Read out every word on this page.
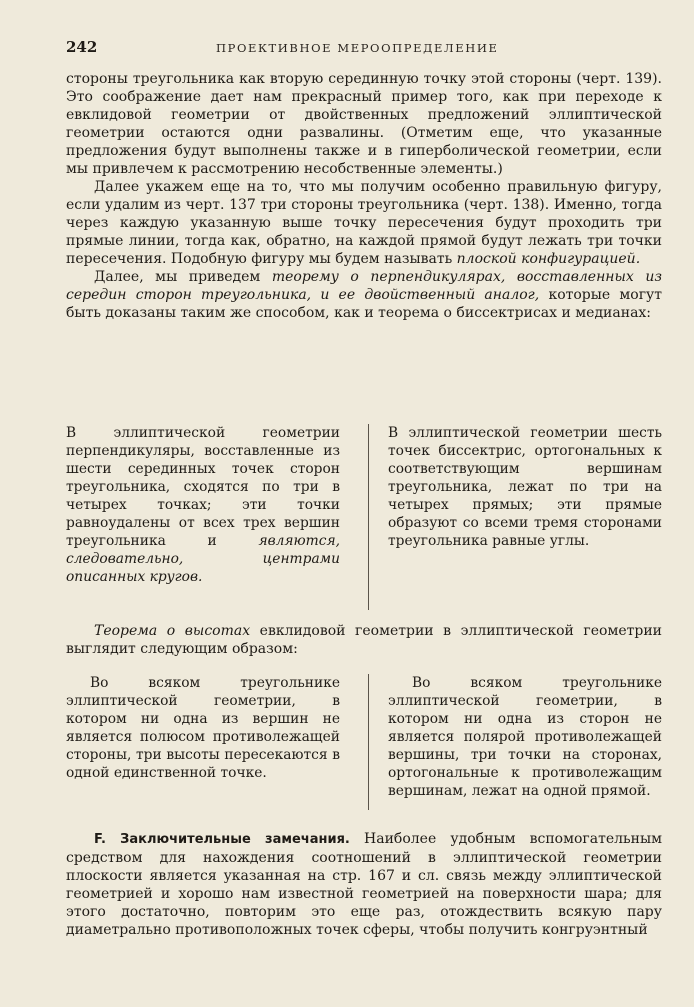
242	ПРОЕКТИВНОЕ МЕРООПРЕДЕЛЕНИЕ

стороны треугольника как вторую серединную точку этой стороны (черт. 139). Это соображение дает нам прекрасный пример того, как при переходе к евклидовой геометрии от двойственных предложений эллиптической геометрии остаются одни развалины. (Отметим еще, что указанные предложения будут выполнены также и в гиперболической геометрии, если мы привлечем к рассмотрению несобственные элементы.)

Далее укажем еще на то, что мы получим особенно правильную фигуру, если удалим из черт. 137 три стороны треугольника (черт. 138). Именно, тогда через каждую указанную выше точку пересечения будут проходить три прямые линии, тогда как, обратно, на каждой прямой будут лежать три точки пересечения. Подобную фигуру мы будем называть плоской конфигурацией.

Далее, мы приведем теорему о перпендикулярах, восставленных из середин сторон треугольника, и ее двойственный аналог, которые могут быть доказаны таким же способом, как и теорема о биссектрисах и медианах:

В эллиптической геометрии перпендикуляры, восставленные из шести серединных точек сторон треугольника, сходятся по три в четырех точках; эти точки равноудалены от всех трех вершин треугольника и	являются, следовательно, центрами описанных кругов.
В эллиптической геометрии шесть точек биссектрис, ортогональных к соответствующим вершинам треугольника, лежат по три на четырех прямых; эти прямые образуют со всеми тремя сторонами треугольника равные углы.

Теорема о высотах евклидовой геометрии в эллиптической геометрии выглядит следующим образом:

Во всяком треугольнике эллиптической геометрии, в котором ни одна из вершин не является полюсом противолежащей стороны, три высоты пересекаются в одной единственной точке.
Во всяком треугольнике эллиптической геометрии, в котором ни одна из сторон не является полярой противолежащей вершины, три точки на сторонах, ортогональные к противолежащим вершинам, лежат на одной прямой.

F. Заключительные замечания. Наиболее удобным вспомогательным средством для нахождения соотношений в эллиптической геометрии плоскости является указанная на стр. 167 и сл. связь между эллиптической геометрией и хорошо нам известной геометрией на поверхности шара; для этого достаточно, повторим это еще раз, отождествить всякую пару диаметрально противоположных точек сферы, чтобы получить конгруэнтный
